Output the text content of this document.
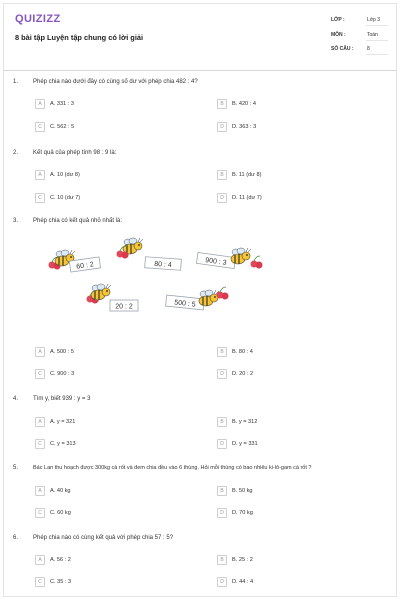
QUIZIZZ
8 bài tập Luyện tập chung có lời giải
LỚP :	Lớp 3
MÔN :	Toán
SỐ CÂU :	8
1. Phép chia nào dưới đây có cùng số dư với phép chia 482 : 4?
A	A. 331 : 3	B	B. 420 : 4
C	C. 562 : 5	D	D. 363 : 3
2. Kết quả của phép tính 98 : 9 là:
A	A. 10 (dư 8)	B	B. 11 (dư 8)
C	C. 10 (dư 7)	D	D. 11 (dư 7)
3. Phép chia có kết quả nhỏ nhất là:
60 : 2	80 : 4	900 : 3
20 : 2	500 : 5
A	A. 500 : 5	B	B. 80 : 4
C	C. 900 : 3	D	D. 20 : 2
4. Tìm y, biết 939 : y = 3
A	A. y = 321	B	B. y = 312
C	C. y = 313	D	D. y = 331
5.	Bác Lan thu hoạch được 300kg cà rốt và đem chia đều vào 6 thùng. Hỏi mỗi thùng có bao nhiêu ki-lô-gam cà rốt ?
A	A. 40 kg	B	B. 50 kg
C	C. 60 kg	D	D. 70 kg
6. Phép chia nào có cùng kết quả với phép chia 57 : 5?
A	A. 56 : 2	B	B. 25 : 2
C	C. 35 : 3	D	D. 44 : 4
